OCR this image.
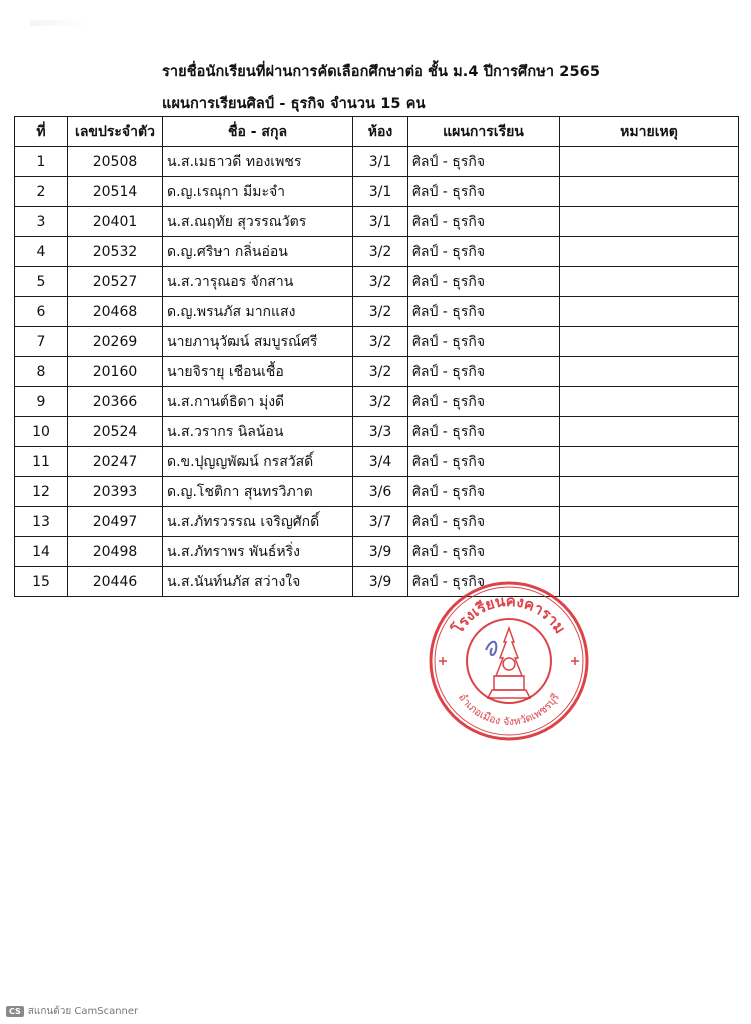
รายชื่อนักเรียนที่ผ่านการคัดเลือกศึกษาต่อ ชั้น ม.4 ปีการศึกษา 2565
แผนการเรียนศิลป์ - ธุรกิจ จำนวน 15 คน
ที่	เลขประจำตัว	ชื่อ - สกุล	ห้อง	แผนการเรียน	หมายเหตุ
1	20508	น.ส.เมธาวดี ทองเพชร	3/1	ศิลป์ - ธุรกิจ	
2	20514	ด.ญ.เรณุกา มีมะจำ	3/1	ศิลป์ - ธุรกิจ	
3	20401	น.ส.ณฤทัย สุวรรณวัตร	3/1	ศิลป์ - ธุรกิจ	
4	20532	ด.ญ.ศริษา กลิ่นอ่อน	3/2	ศิลป์ - ธุรกิจ	
5	20527	น.ส.วารุณอร จักสาน	3/2	ศิลป์ - ธุรกิจ	
6	20468	ด.ญ.พรนภัส มากแสง	3/2	ศิลป์ - ธุรกิจ	
7	20269	นายภานุวัฒน์ สมบูรณ์ศรี	3/2	ศิลป์ - ธุรกิจ	
8	20160	นายจิรายุ เชือนเชื้อ	3/2	ศิลป์ - ธุรกิจ	
9	20366	น.ส.กานต์ธิดา มุ่งดี	3/2	ศิลป์ - ธุรกิจ	
10	20524	น.ส.วรากร นิลน้อน	3/3	ศิลป์ - ธุรกิจ	
11	20247	ด.ข.ปุญญพัฒน์ กรสวัสดิ์	3/4	ศิลป์ - ธุรกิจ	
12	20393	ด.ญ.โชติกา สุนทรวิภาต	3/6	ศิลป์ - ธุรกิจ	
13	20497	น.ส.ภัทรวรรณ เจริญศักดิ์	3/7	ศิลป์ - ธุรกิจ	
14	20498	น.ส.ภัทราพร พันธ์หริ่ง	3/9	ศิลป์ - ธุรกิจ	
15	20446	น.ส.นันท์นภัส สว่างใจ	3/9	ศิลป์ - ธุรกิจ	
โรงเรียนคงคาราม
อำเภอเมือง จังหวัดเพชรบุรี
CS สแกนด้วย CamScanner
